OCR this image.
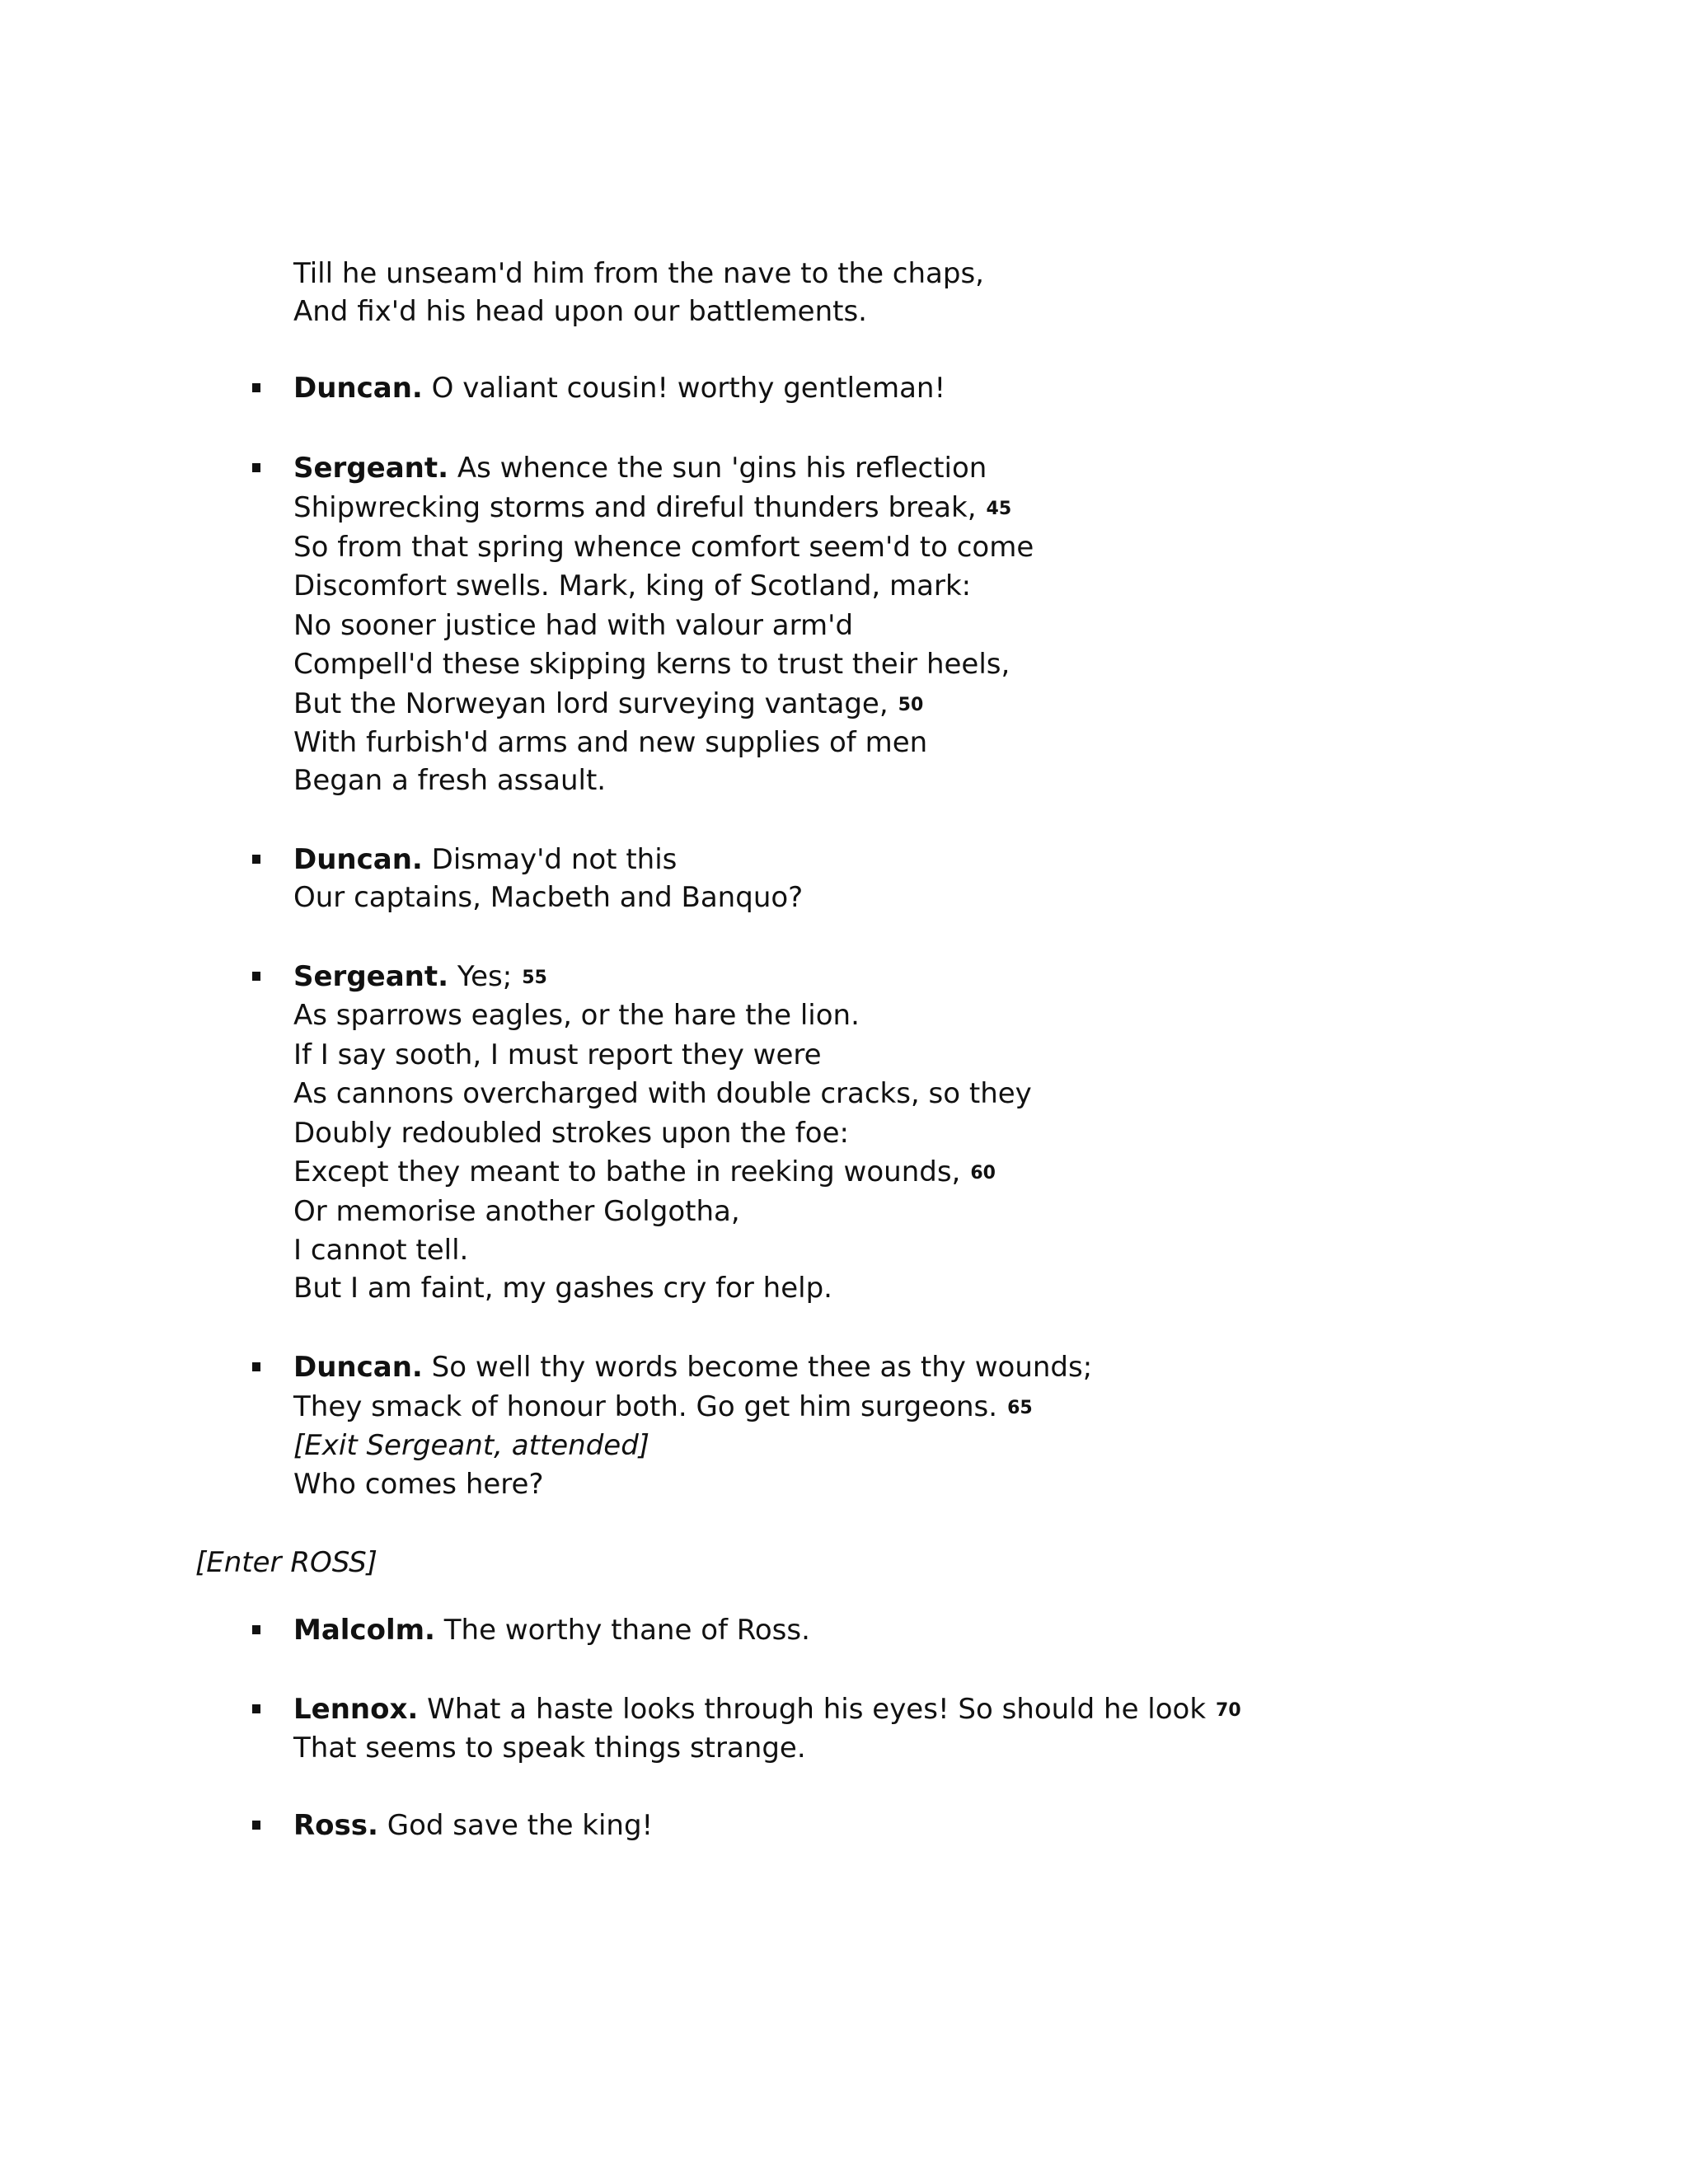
Till he unseam'd him from the nave to the chaps,
And fix'd his head upon our battlements.
Duncan. O valiant cousin! worthy gentleman!
Sergeant. As whence the sun 'gins his reflection
Shipwrecking storms and direful thunders break, 45
So from that spring whence comfort seem'd to come
Discomfort swells. Mark, king of Scotland, mark:
No sooner justice had with valour arm'd
Compell'd these skipping kerns to trust their heels,
But the Norweyan lord surveying vantage, 50
With furbish'd arms and new supplies of men
Began a fresh assault.
Duncan. Dismay'd not this
Our captains, Macbeth and Banquo?
Sergeant. Yes; 55
As sparrows eagles, or the hare the lion.
If I say sooth, I must report they were
As cannons overcharged with double cracks, so they
Doubly redoubled strokes upon the foe:
Except they meant to bathe in reeking wounds, 60
Or memorise another Golgotha,
I cannot tell.
But I am faint, my gashes cry for help.
Duncan. So well thy words become thee as thy wounds;
They smack of honour both. Go get him surgeons. 65
[Exit Sergeant, attended]
Who comes here?
[Enter ROSS]
Malcolm. The worthy thane of Ross.
Lennox. What a haste looks through his eyes! So should he look 70
That seems to speak things strange.
Ross. God save the king!
